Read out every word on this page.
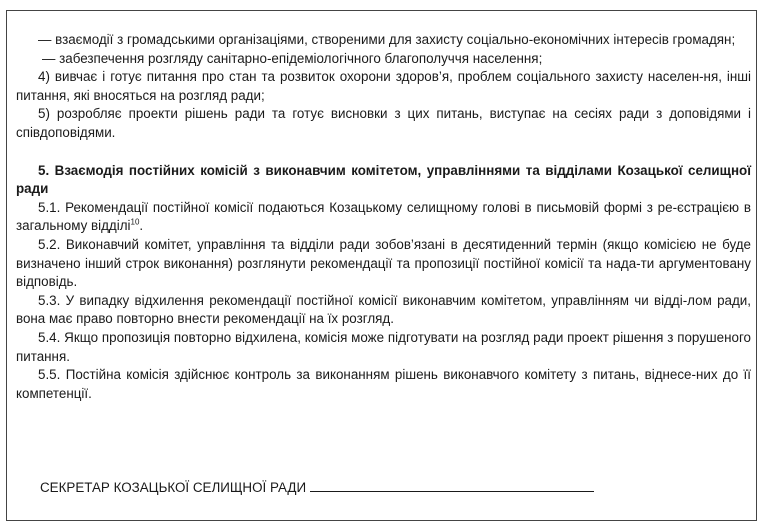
— взаємодії з громадськими організаціями, створеними для захисту соціально-економічних інтересів громадян;
— забезпечення розгляду санітарно-епідеміологічного благополуччя населення;
4) вивчає і готує питання про стан та розвиток охорони здоров’я, проблем соціального захисту населен-ня, інші питання, які вносяться на розгляд ради;
5) розробляє проекти рішень ради та готує висновки з цих питань, виступає на сесіях ради з доповідями і співдоповідями.
5. Взаємодія постійних комісій з виконавчим комітетом, управліннями та відділами Козацької селищної ради
5.1. Рекомендації постійної комісії подаються Козацькому селищному голові в письмовій формі з ре-єстрацією в загальному відділі$^{10}$.
5.2. Виконавчий комітет, управління та відділи ради зобов’язані в десятиденний термін (якщо комісією не буде визначено інший строк виконання) розглянути рекомендації та пропозиції постійної комісії та нада-ти аргументовану відповідь.
5.3. У випадку відхилення рекомендації постійної комісії виконавчим комітетом, управлінням чи відді-лом ради, вона має право повторно внести рекомендації на їх розгляд.
5.4. Якщо пропозиція повторно відхилена, комісія може підготувати на розгляд ради проект рішення з порушеного питання.
5.5. Постійна комісія здійснює контроль за виконанням рішень виконавчого комітету з питань, віднесе-них до її компетенції.
СЕКРЕТАР КОЗАЦЬКОЇ СЕЛИЩНОЇ РАДИ
